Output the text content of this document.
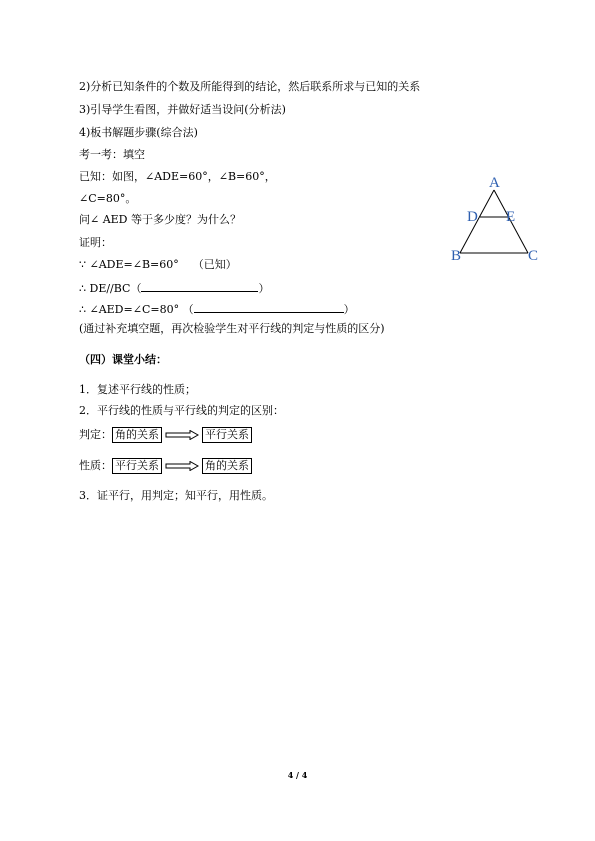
2)分析已知条件的个数及所能得到的结论，然后联系所求与已知的关系
3)引导学生看图，并做好适当设问(分析法)
4)板书解题步骤(综合法)
考一考：填空
已知：如图，∠ADE=60°，∠B=60°，
∠C=80°。
问∠ AED 等于多少度？为什么？
证明：
∵ ∠ADE=∠B=60° （已知）
∴ DE//BC（	）
∴ ∠AED=∠C=80° （	）
(通过补充填空题，再次检验学生对平行线的判定与性质的区分)
A
D E
B	C
（四）课堂小结：
1．复述平行线的性质；
2．平行线的性质与平行线的判定的区别：
判定： 角的关系	平行关系
性质： 平行关系	角的关系
3．证平行，用判定；知平行，用性质。
4 / 4
